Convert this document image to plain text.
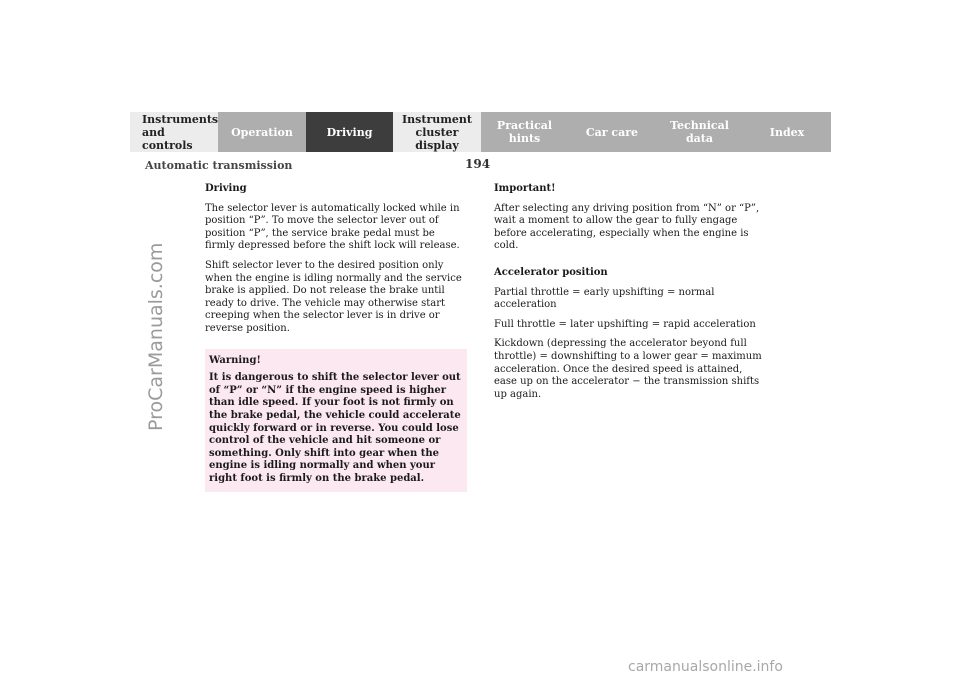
Instruments
and controls
Operation	Driving
Instrument
cluster display
Practical hints	Car care	Technical
data	Index
194
Automatic transmission
ProCarManuals.com
Driving
The selector lever is automatically locked while in position “P”. To move the selector lever out of position “P”, the service brake pedal must be firmly depressed before the shift lock will release.
Shift selector lever to the desired position only when the engine is idling normally and the service brake is applied. Do not release the brake until ready to drive. The vehicle may otherwise start creeping when the selector lever is in drive or reverse position.
Warning!
It is dangerous to shift the selector lever out of “P” or “N” if the engine speed is higher than idle speed. If your foot is not firmly on the brake pedal, the vehicle could accelerate quickly forward or in reverse. You could lose control of the vehicle and hit someone or something. Only shift into gear when the engine is idling normally and when your right foot is firmly on the brake pedal.
Important!
After selecting any driving position from “N” or “P”, wait a moment to allow the gear to fully engage before accelerating, especially when the engine is cold.
Accelerator position
Partial throttle = early upshifting = normal acceleration
Full throttle = later upshifting = rapid acceleration
Kickdown (depressing the accelerator beyond full throttle) = downshifting to a lower gear = maximum acceleration. Once the desired speed is attained, ease up on the accelerator − the transmission shifts up again.
carmanualsonline.info
